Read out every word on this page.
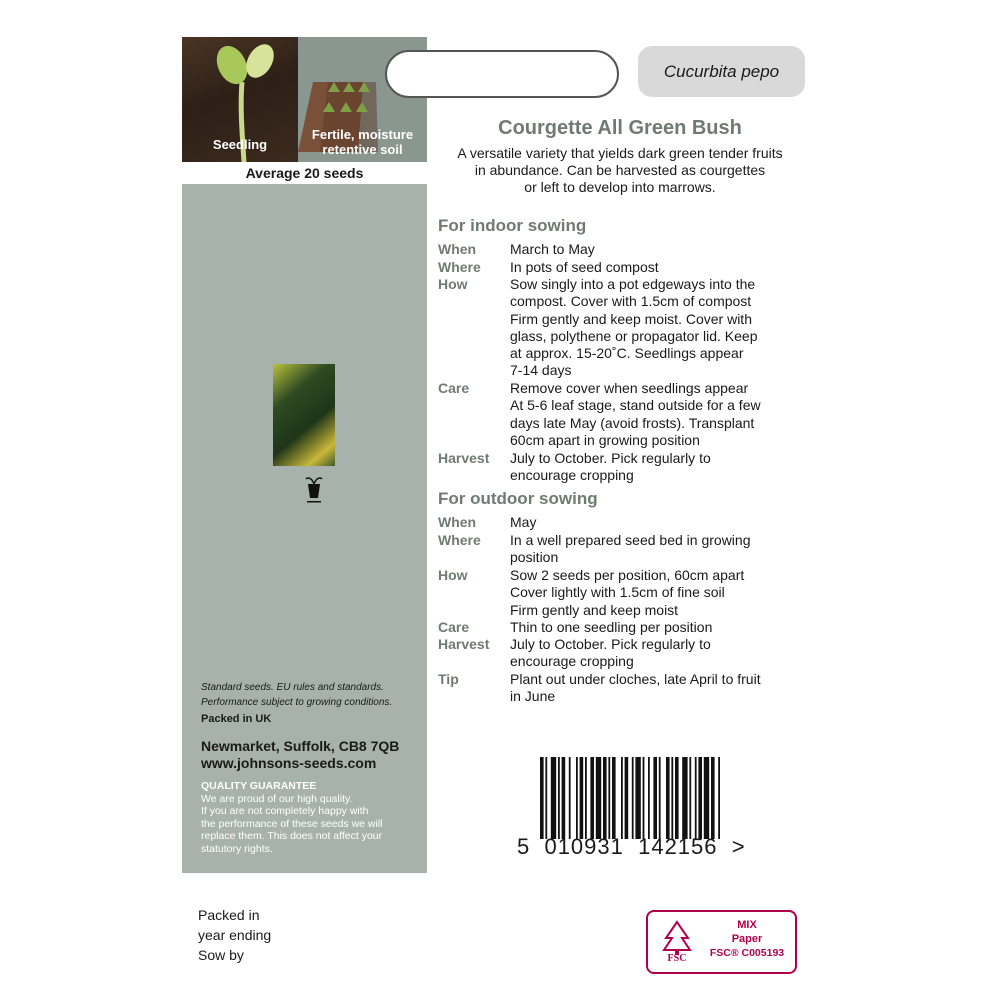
Seedling
Fertile, moisture
retentive soil
Average 20 seeds
Standard seeds. EU rules and standards.
Performance subject to growing conditions.
Packed in UK
Newmarket, Suffolk, CB8 7QB
www.johnsons-seeds.com
QUALITY GUARANTEE
We are proud of our high quality.
If you are not completely happy with
the performance of these seeds we will
replace them. This does not affect your
statutory rights.
Cucurbita pepo
Courgette All Green Bush
A versatile variety that yields dark green tender fruits
in abundance. Can be harvested as courgettes
or left to develop into marrows.
For indoor sowing
When March to May
Where In pots of seed compost
How	Sow singly into a pot edgeways into the
compost. Cover with 1.5cm of compost
Firm gently and keep moist. Cover with
glass, polythene or propagator lid. Keep
at approx. 15-20˚C. Seedlings appear
7-14 days
Care	Remove cover when seedlings appear
At 5-6 leaf stage, stand outside for a few
days late May (avoid frosts). Transplant
60cm apart in growing position
Harvest July to October. Pick regularly to
encourage cropping
For outdoor sowing
When May
Where In a well prepared seed bed in growing
position
How	Sow 2 seeds per position, 60cm apart
Cover lightly with 1.5cm of fine soil
Firm gently and keep moist
Care	Thin to one seedling per position
Harvest July to October. Pick regularly to
encourage cropping
Tip	Plant out under cloches, late April to fruit
in June
5  010931  142156  >
Packed in
year ending
Sow by	FSC
MIX
Paper
FSC® C005193
